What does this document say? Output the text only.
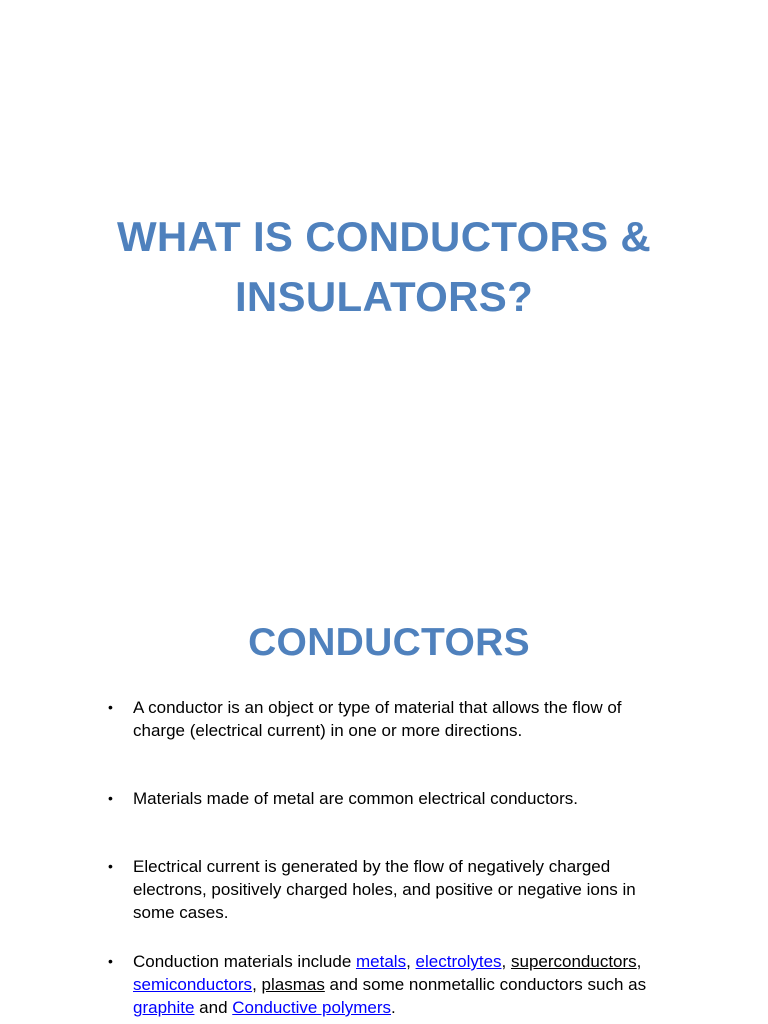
WHAT IS CONDUCTORS &
INSULATORS?
CONDUCTORS
• A conductor is an object or type of material that allows the flow of charge (electrical current) in one or more directions.
• Materials made of metal are common electrical conductors.
• Electrical current is generated by the flow of negatively charged electrons, positively charged holes, and positive or negative ions in some cases.
• Conduction materials include metals, electrolytes, superconductors, semiconductors, plasmas and some nonmetallic conductors such as graphite and Conductive polymers.
